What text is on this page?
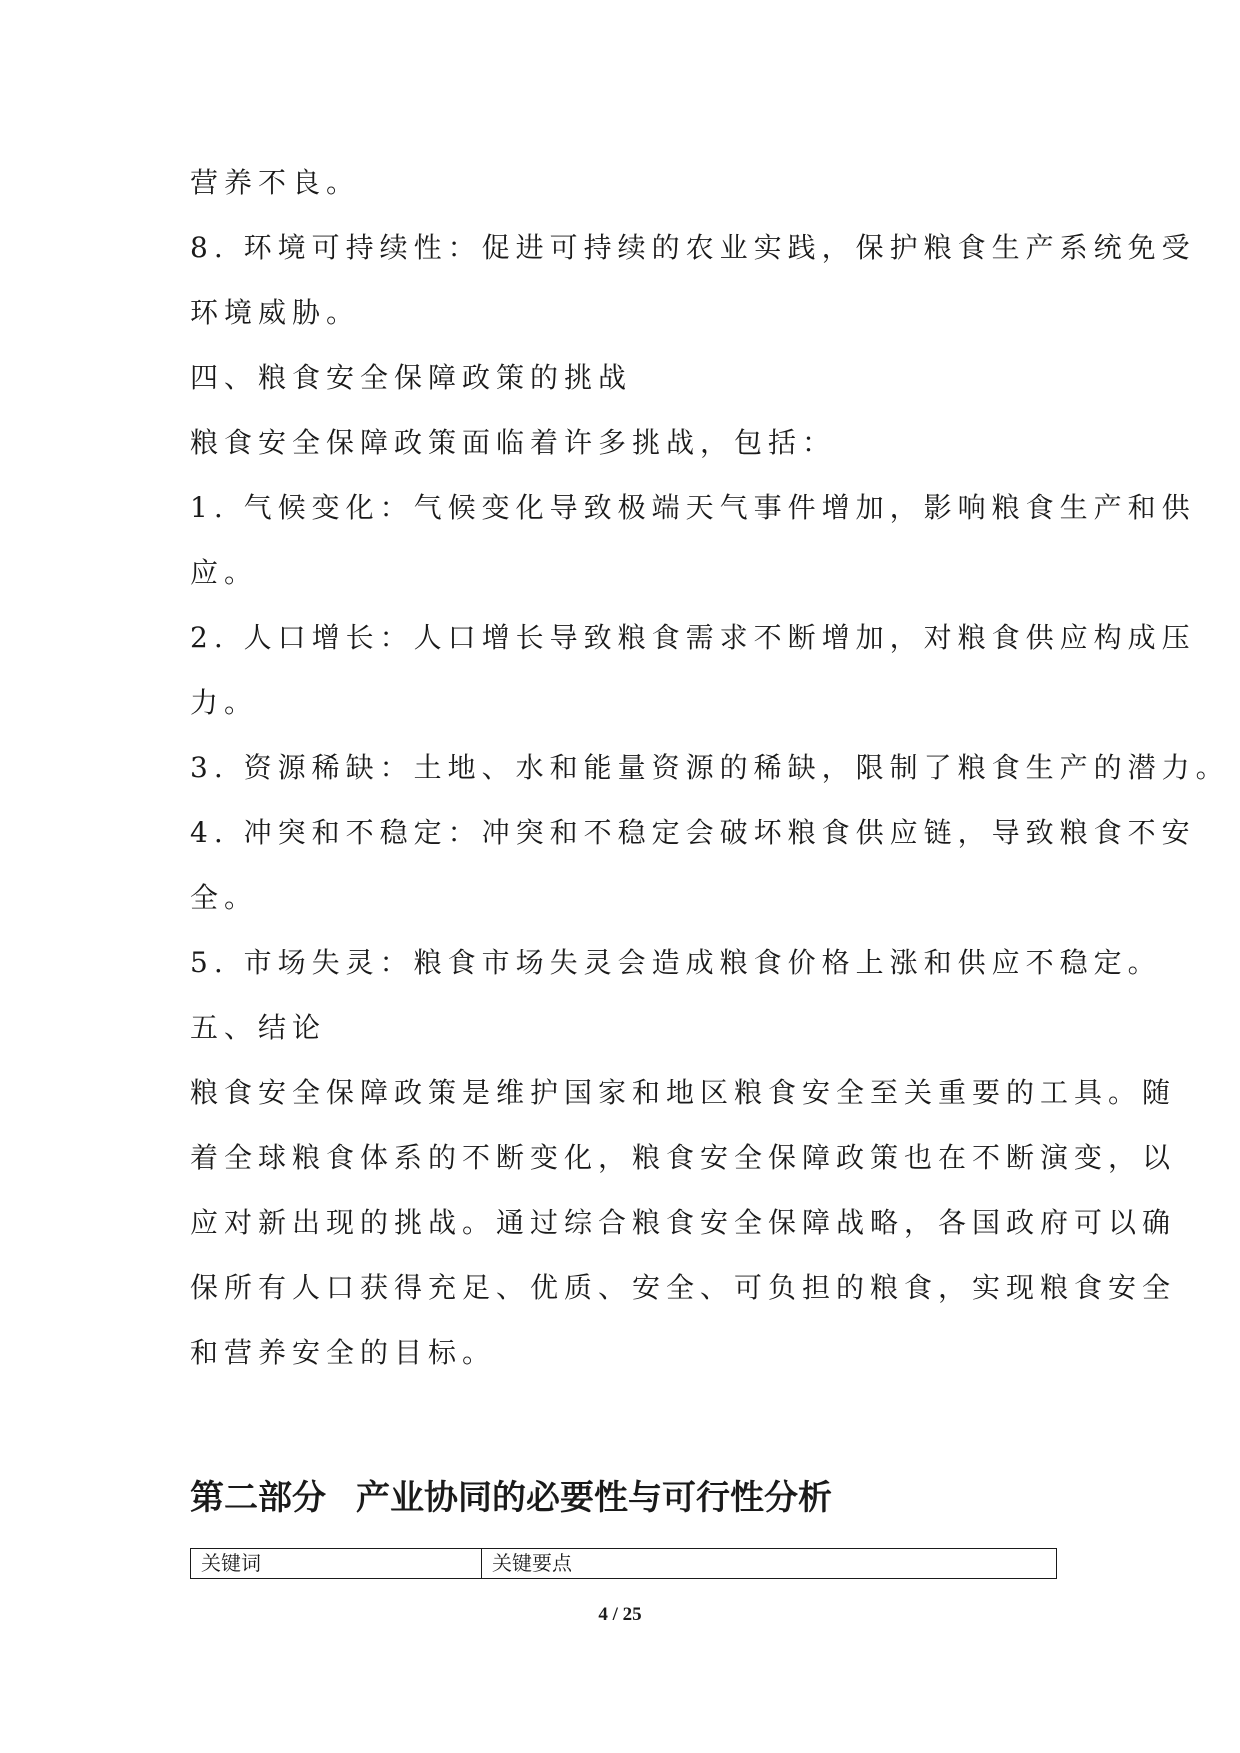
营养不良。
8. 环境可持续性：促进可持续的农业实践，保护粮食生产系统免受
环境威胁。
四、粮食安全保障政策的挑战
粮食安全保障政策面临着许多挑战，包括：
1. 气候变化：气候变化导致极端天气事件增加，影响粮食生产和供
应。
2. 人口增长：人口增长导致粮食需求不断增加，对粮食供应构成压
力。
3. 资源稀缺：土地、水和能量资源的稀缺，限制了粮食生产的潜力。
4. 冲突和不稳定：冲突和不稳定会破坏粮食供应链，导致粮食不安
全。
5. 市场失灵：粮食市场失灵会造成粮食价格上涨和供应不稳定。
五、结论
粮食安全保障政策是维护国家和地区粮食安全至关重要的工具。随
着全球粮食体系的不断变化，粮食安全保障政策也在不断演变，以
应对新出现的挑战。通过综合粮食安全保障战略，各国政府可以确
保所有人口获得充足、优质、安全、可负担的粮食，实现粮食安全
和营养安全的目标。
第二部分 产业协同的必要性与可行性分析
关键词	关键要点
4 / 25
